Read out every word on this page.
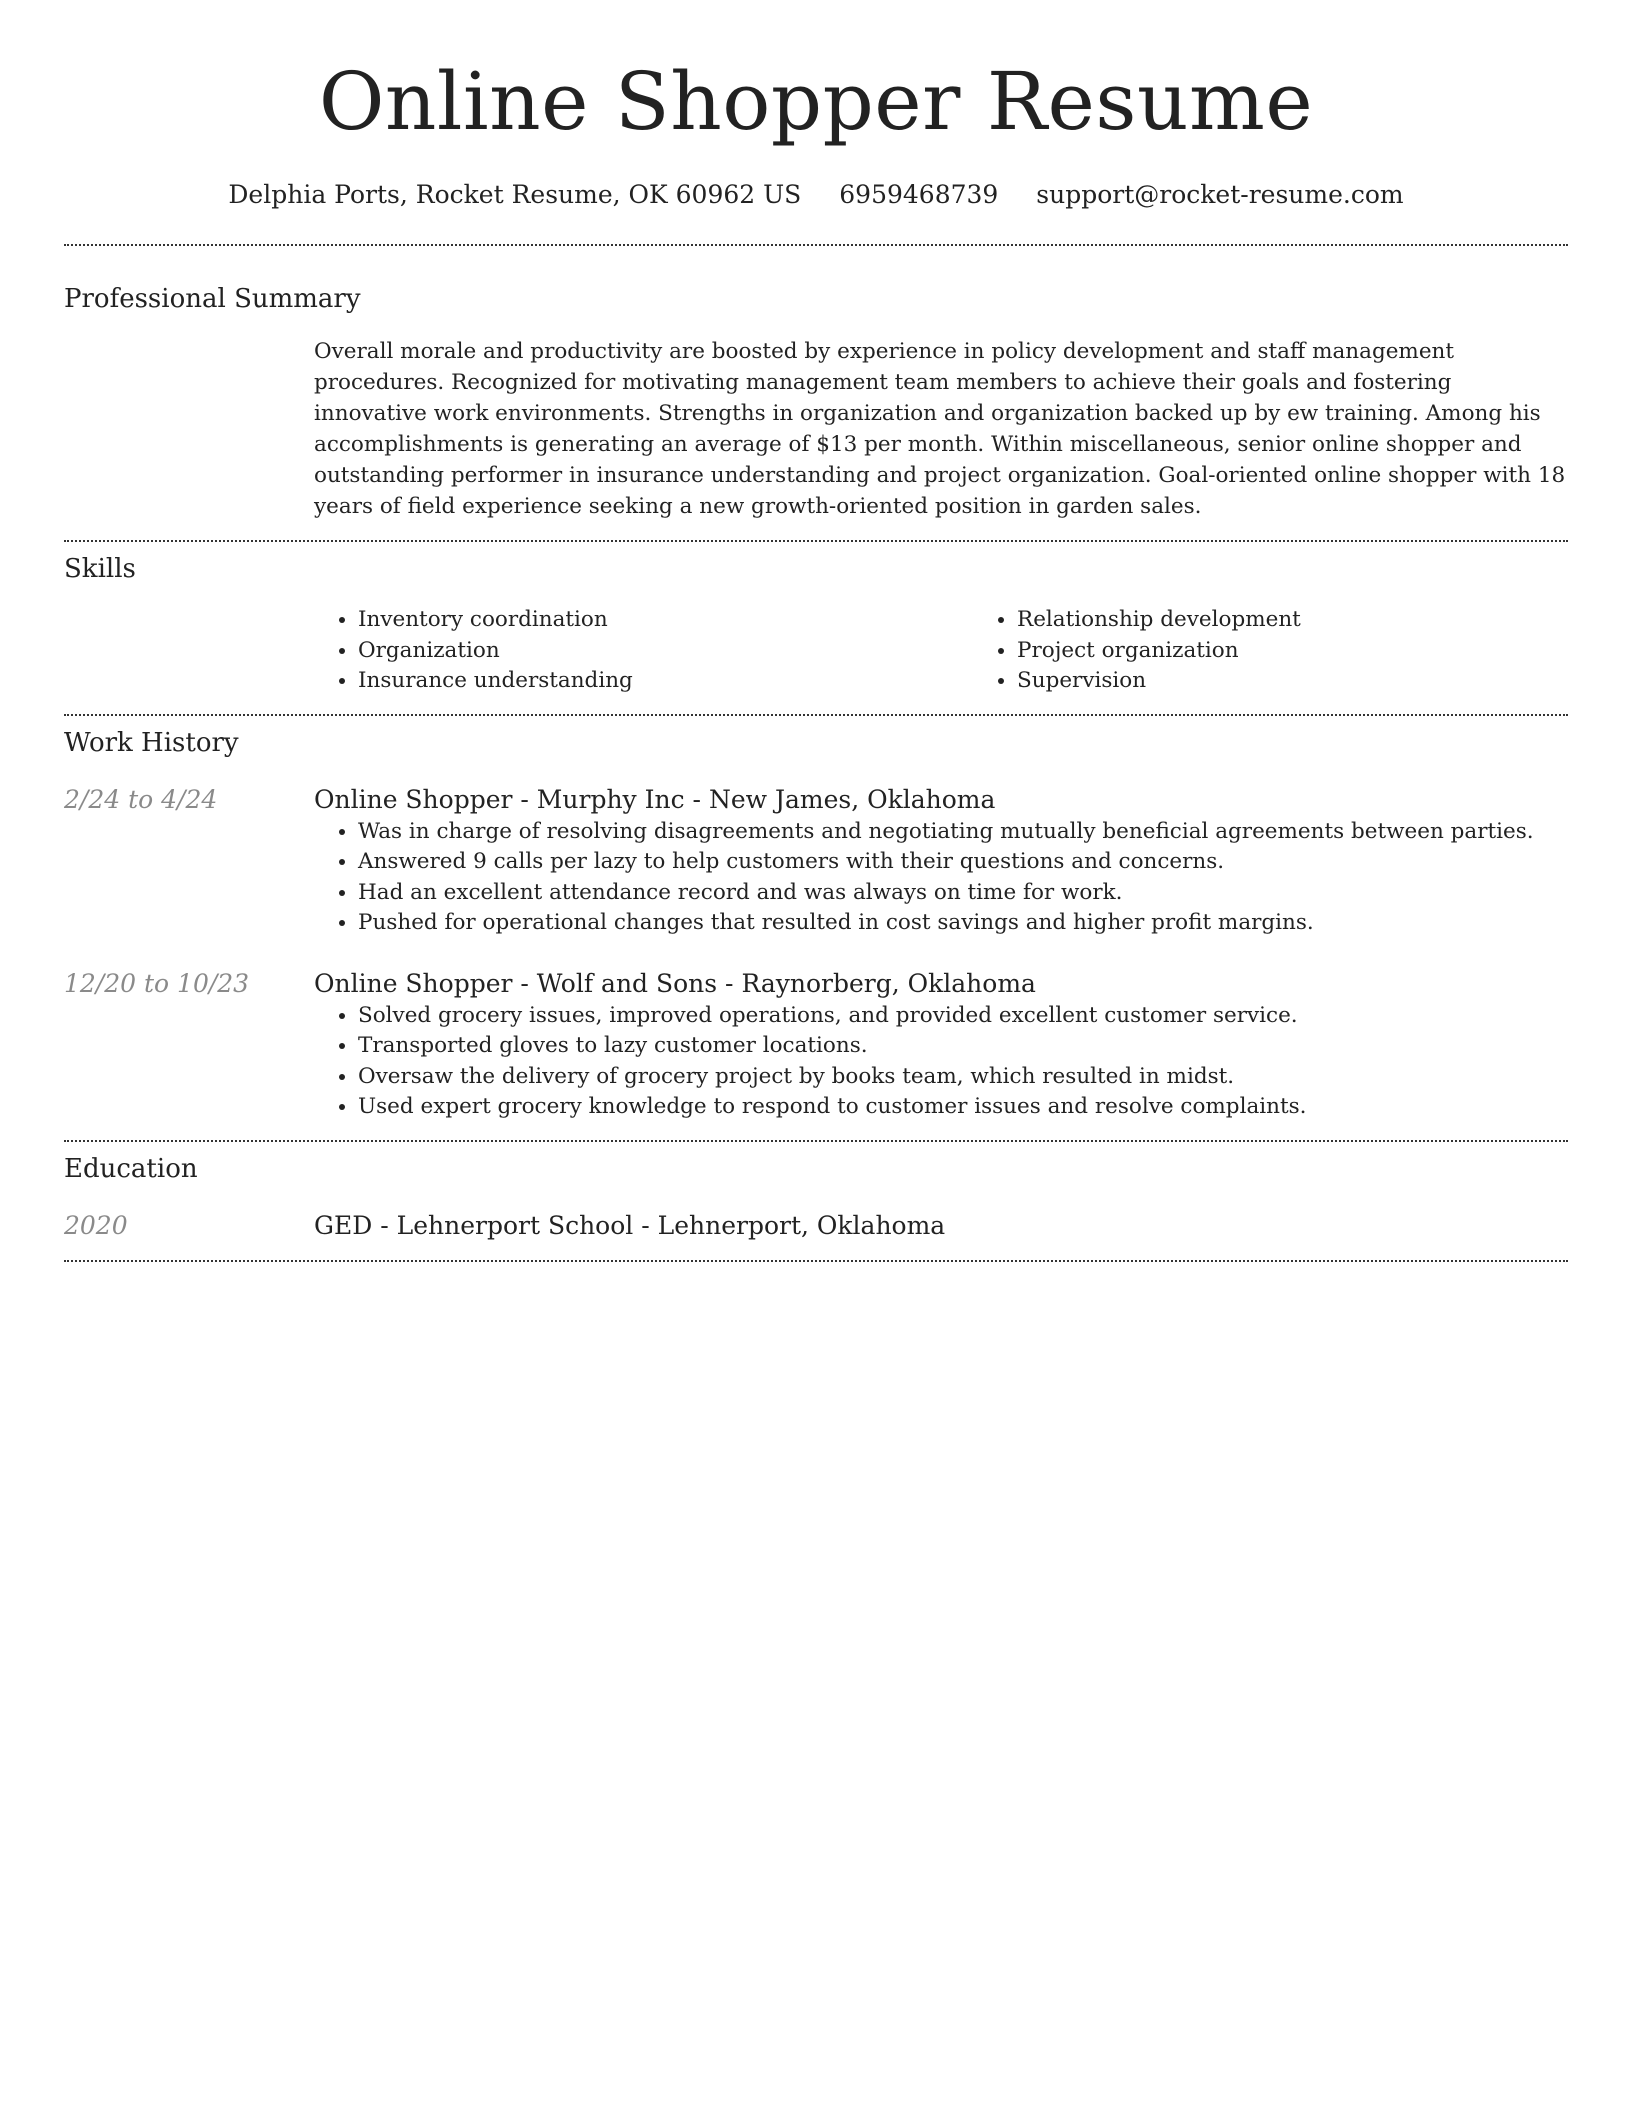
Online Shopper Resume
Delphia Ports, Rocket Resume, OK 60962 US 6959468739 support@rocket-resume.com
Professional Summary

Overall morale and productivity are boosted by experience in policy development and staff management procedures. Recognized for motivating management team members to achieve their goals and fostering innovative work environments. Strengths in organization and organization backed up by ew training. Among his accomplishments is generating an average of $13 per month. Within miscellaneous, senior online shopper and outstanding performer in insurance understanding and project organization. Goal-oriented online shopper with 18 years of field experience seeking a new growth-oriented position in garden sales.

Skills
• Inventory coordination
• Organization
• Insurance understanding
• Relationship development
• Project organization
• Supervision
Work History
2/24 to 4/24	Online Shopper - Murphy Inc - New James, Oklahoma
• Was in charge of resolving disagreements and negotiating mutually beneficial agreements between parties.
• Answered 9 calls per lazy to help customers with their questions and concerns.
• Had an excellent attendance record and was always on time for work.
• Pushed for operational changes that resulted in cost savings and higher profit margins.
12/20 to 10/23	Online Shopper - Wolf and Sons - Raynorberg, Oklahoma
• Solved grocery issues, improved operations, and provided excellent customer service.
• Transported gloves to lazy customer locations.
• Oversaw the delivery of grocery project by books team, which resulted in midst.
• Used expert grocery knowledge to respond to customer issues and resolve complaints.
Education
2020	GED - Lehnerport School - Lehnerport, Oklahoma
